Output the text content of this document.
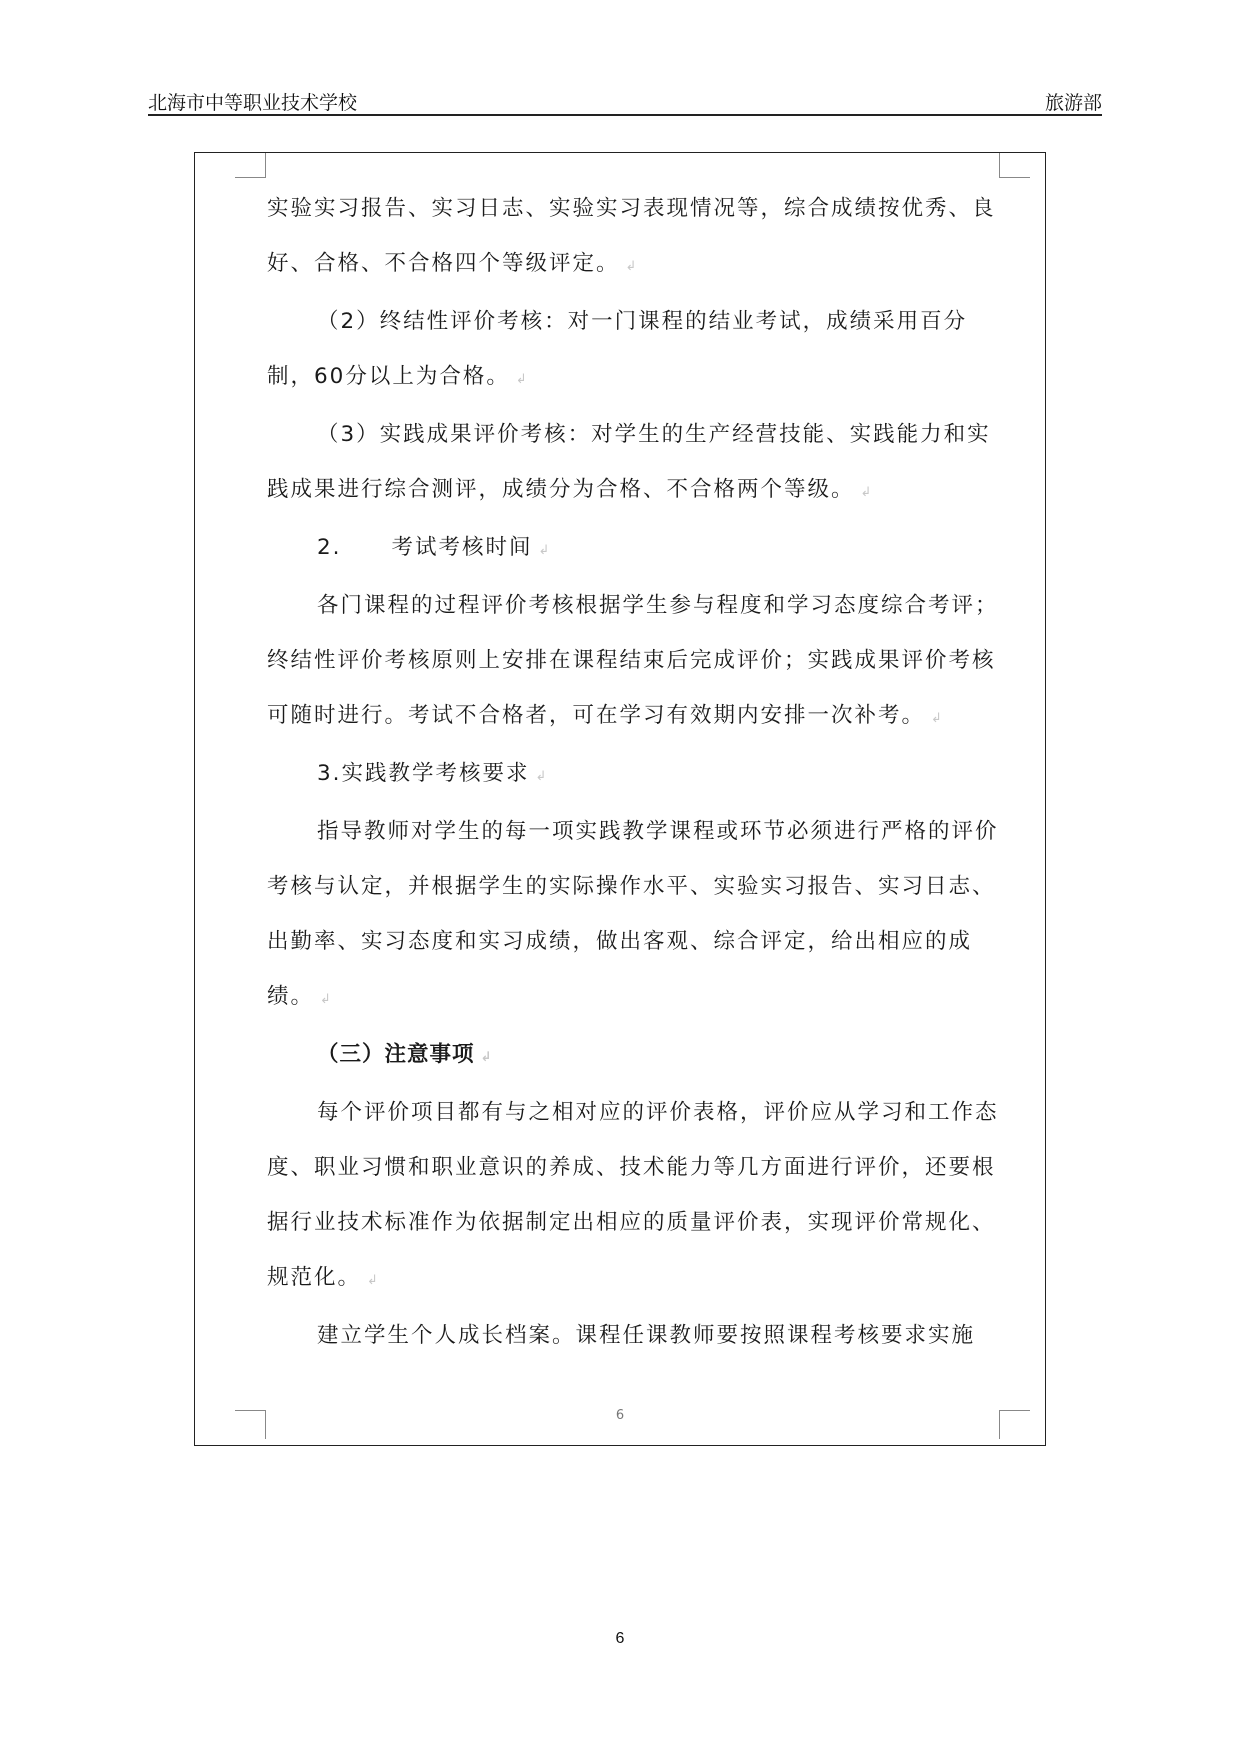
北海市中等职业技术学校	旅游部

实验实习报告、实习日志、实验实习表现情况等，综合成绩按优秀、良好、合格、不合格四个等级评定。 ↲

（2）终结性评价考核：对一门课程的结业考试，成绩采用百分制，60分以上为合格。 ↲

（3）实践成果评价考核：对学生的生产经营技能、实践能力和实践成果进行综合测评，成绩分为合格、不合格两个等级。 ↲

2. 考试考核时间 ↲

各门课程的过程评价考核根据学生参与程度和学习态度综合考评；终结性评价考核原则上安排在课程结束后完成评价；实践成果评价考核可随时进行。考试不合格者，可在学习有效期内安排一次补考。 ↲

3.实践教学考核要求 ↲

指导教师对学生的每一项实践教学课程或环节必须进行严格的评价考核与认定，并根据学生的实际操作水平、实验实习报告、实习日志、出勤率、实习态度和实习成绩，做出客观、综合评定，给出相应的成绩。 ↲

（三）注意事项 ↲

每个评价项目都有与之相对应的评价表格，评价应从学习和工作态度、职业习惯和职业意识的养成、技术能力等几方面进行评价，还要根据行业技术标准作为依据制定出相应的质量评价表，实现评价常规化、规范化。 ↲

建立学生个人成长档案。课程任课教师要按照课程考核要求实施

6
6
